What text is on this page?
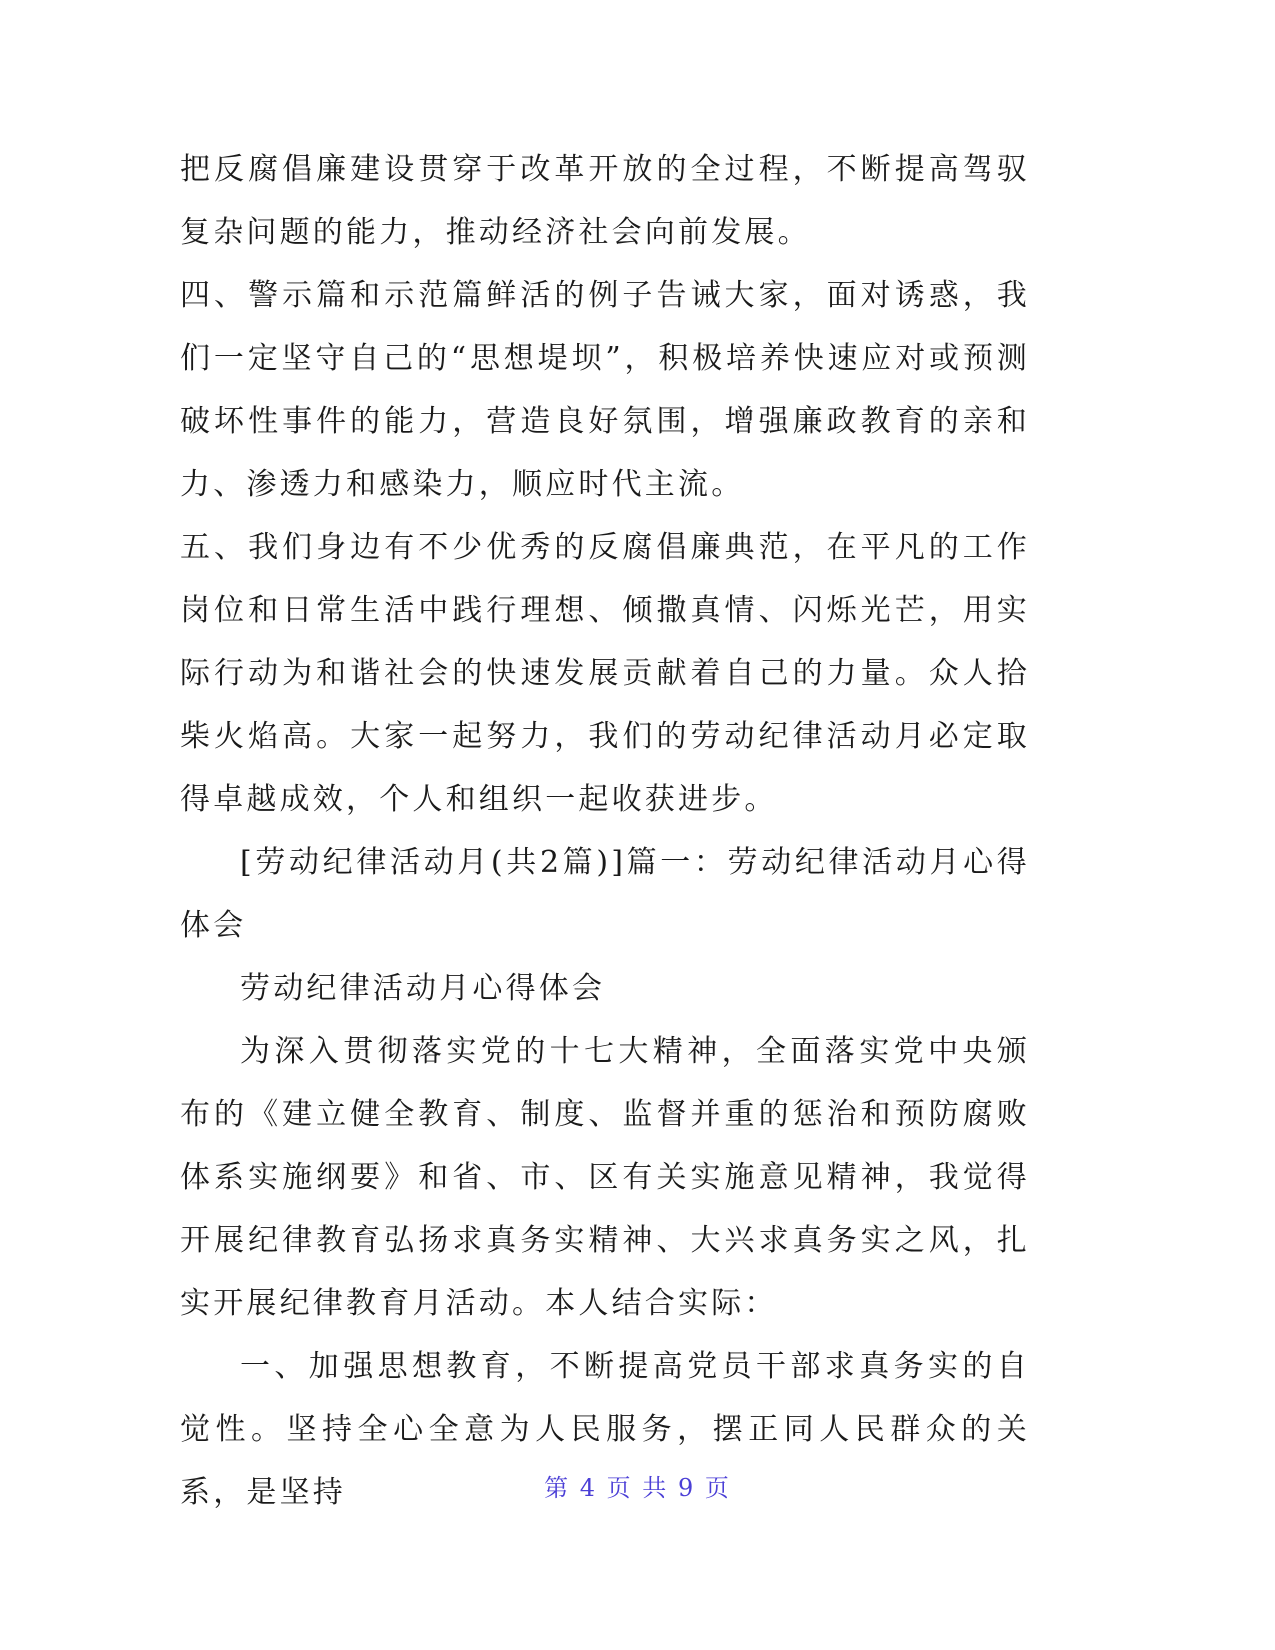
把反腐倡廉建设贯穿于改革开放的全过程，不断提高驾驭复杂问题的能力，推动经济社会向前发展。

四、警示篇和示范篇鲜活的例子告诫大家，面对诱惑，我们一定坚守自己的“思想堤坝”，积极培养快速应对或预测破坏性事件的能力，营造良好氛围，增强廉政教育的亲和力、渗透力和感染力，顺应时代主流。

五、我们身边有不少优秀的反腐倡廉典范，在平凡的工作岗位和日常生活中践行理想、倾撒真情、闪烁光芒，用实际行动为和谐社会的快速发展贡献着自己的力量。众人拾柴火焰高。大家一起努力，我们的劳动纪律活动月必定取得卓越成效，个人和组织一起收获进步。

[劳动纪律活动月(共2篇)]篇一：劳动纪律活动月心得体会

劳动纪律活动月心得体会

为深入贯彻落实党的十七大精神，全面落实党中央颁布的《建立健全教育、制度、监督并重的惩治和预防腐败体系实施纲要》和省、市、区有关实施意见精神，我觉得开展纪律教育弘扬求真务实精神、大兴求真务实之风，扎实开展纪律教育月活动。本人结合实际：

一、加强思想教育，不断提高党员干部求真务实的自觉性。坚持全心全意为人民服务，摆正同人民群众的关系，是坚持	第 4 页 共 9 页
